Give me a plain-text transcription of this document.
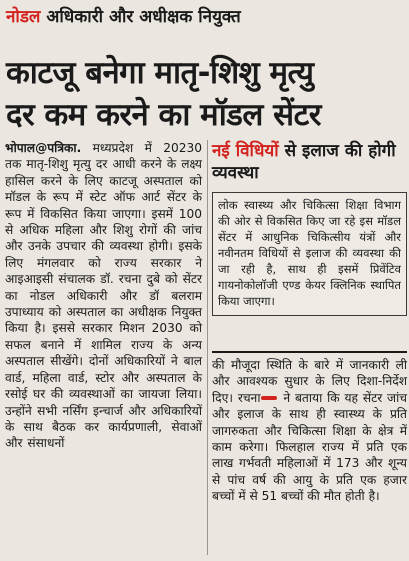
नोडल अधिकारी और अधीक्षक नियुक्त
काटजू बनेगा मातृ-शिशु मृत्यु
दर कम करने का मॉडल सेंटर
भोपाल@पत्रिका. मध्यप्रदेश में 20230 तक मातृ-शिशु मृत्यु दर आधी करने के लक्ष्य हासिल करने के लिए काटजू अस्पताल को मॉडल के रूप में स्टेट ऑफ आर्ट सेंटर के रूप में विकसित किया जाएगा। इसमें 100 से अधिक महिला और शिशु रोगों की जांच और उनके उपचार की व्यवस्था होगी। इसके लिए मंगलवार को राज्य सरकार ने आइआइसी संचालक डॉ. रचना दुबे को सेंटर का नोडल अधिकारी और डॉ बलराम उपाध्याय को अस्पताल का अधीक्षक नियुक्त किया है। इससे सरकार मिशन 2030 को सफल बनाने में शामिल राज्य के अन्य अस्पताल सीखेंगे। दोनों अधिकारियों ने बाल वार्ड, महिला वार्ड, स्टोर और अस्पताल के रसोई घर की व्यवस्थाओं का जायजा लिया। उन्होंने सभी नर्सिंग इन्चार्ज और अधिकारियों के साथ बैठक कर कार्यप्रणाली, सेवाओं और संसाधनों
नई विधियों से इलाज की होगी व्यवस्था
लोक स्वास्थ्य और चिकित्सा शिक्षा विभाग की ओर से विकसित किए जा रहे इस मॉडल सेंटर में आधुनिक चिकित्सीय यंत्रों और नवीनतम विधियों से इलाज की व्यवस्था की जा रही है, साथ ही इसमें प्रिवेंटिव गायनोकोलॉजी एण्ड केयर क्लिनिक स्थापित किया जाएगा।
की मौजूदा स्थिति के बारे में जानकारी ली और आवश्यक सुधार के लिए दिशा-निर्देश दिए। रचना ने बताया कि यह सेंटर जांच और इलाज के साथ ही स्वास्थ्य के प्रति जागरुकता और चिकित्सा शिक्षा के क्षेत्र में काम करेगा। फिलहाल राज्य में प्रति एक लाख गर्भवती महिलाओं में 173 और शून्य से पांच वर्ष की आयु के प्रति एक हजार बच्चों में से 51 बच्चों की मौत होती है।
